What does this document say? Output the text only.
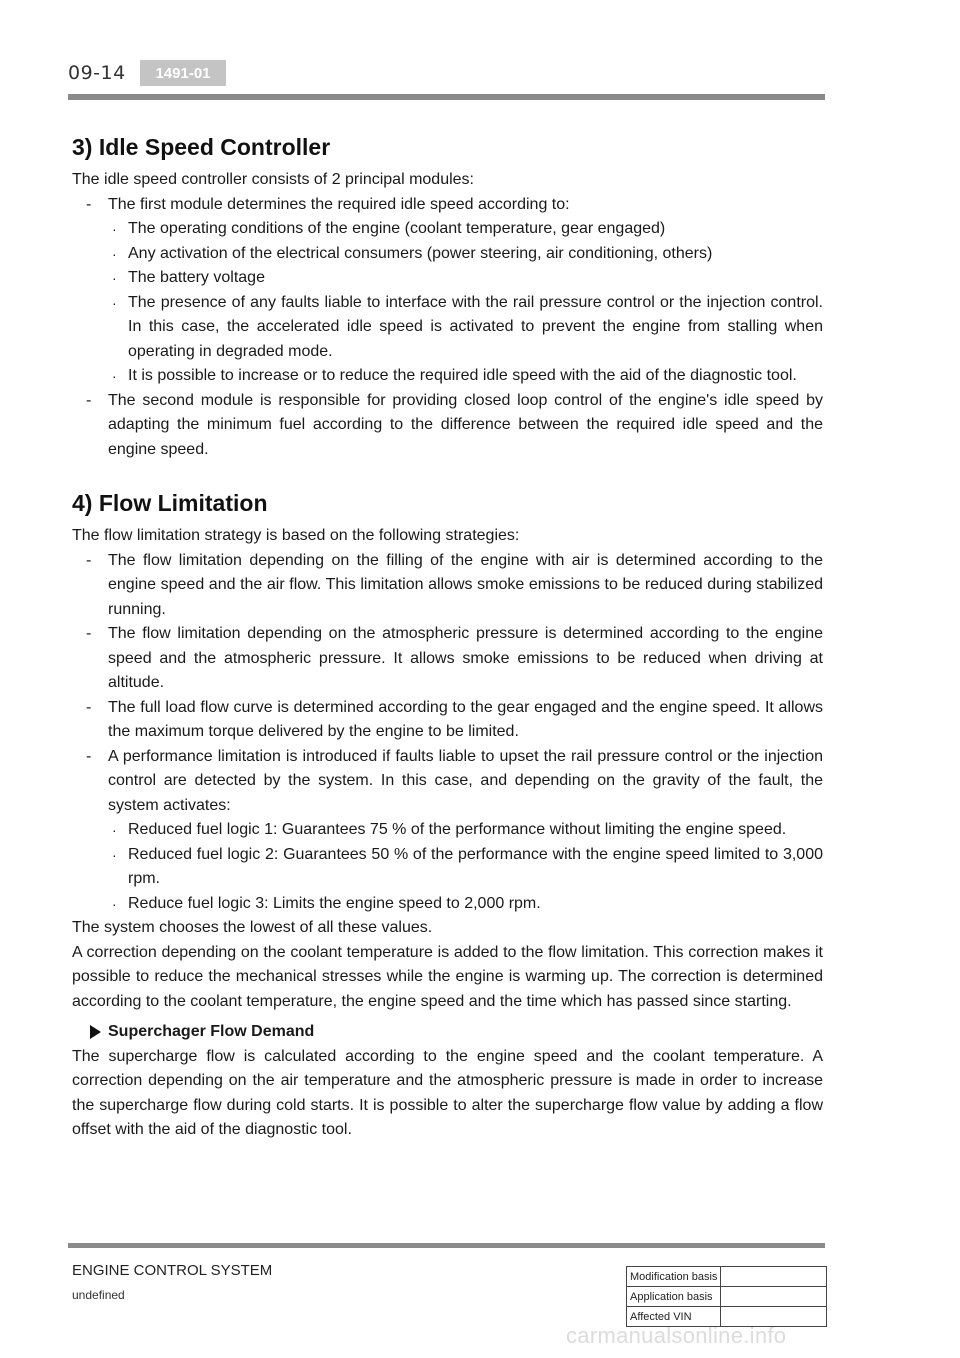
09-14	1491-01
3) Idle Speed Controller

The idle speed controller consists of 2 principal modules:

- The first module determines the required idle speed according to:
· The operating conditions of the engine (coolant temperature, gear engaged)
· Any activation of the electrical consumers (power steering, air conditioning, others)
· The battery voltage
· The presence of any faults liable to interface with the rail pressure control or the injection control. In this case, the accelerated idle speed is activated to prevent the engine from stalling when operating in degraded mode.
· It is possible to increase or to reduce the required idle speed with the aid of the diagnostic tool.
- The second module is responsible for providing closed loop control of the engine's idle speed by adapting the minimum fuel according to the difference between the required idle speed and the engine speed.
4) Flow Limitation

The flow limitation strategy is based on the following strategies:

- The flow limitation depending on the filling of the engine with air is determined according to the engine speed and the air flow. This limitation allows smoke emissions to be reduced during stabilized running.
- The flow limitation depending on the atmospheric pressure is determined according to the engine speed and the atmospheric pressure. It allows smoke emissions to be reduced when driving at altitude.
- The full load flow curve is determined according to the gear engaged and the engine speed. It allows the maximum torque delivered by the engine to be limited.
- A performance limitation is introduced if faults liable to upset the rail pressure control or the injection control are detected by the system. In this case, and depending on the gravity of the fault, the system activates:
· Reduced fuel logic 1: Guarantees 75 % of the performance without limiting the engine speed.
· Reduced fuel logic 2: Guarantees 50 % of the performance with the engine speed limited to 3,000 rpm.
· Reduce fuel logic 3: Limits the engine speed to 2,000 rpm.

The system chooses the lowest of all these values.

A correction depending on the coolant temperature is added to the flow limitation. This correction makes it possible to reduce the mechanical stresses while the engine is warming up. The correction is determined according to the coolant temperature, the engine speed and the time which has passed since starting.

Superchager Flow Demand

The supercharge flow is calculated according to the engine speed and the coolant temperature. A correction depending on the air temperature and the atmospheric pressure is made in order to increase the supercharge flow during cold starts. It is possible to alter the supercharge flow value by adding a flow offset with the aid of the diagnostic tool.

ENGINE CONTROL SYSTEM
undefined
Modification basis	
Application basis	
Affected VIN	
carmanualsonline.info
